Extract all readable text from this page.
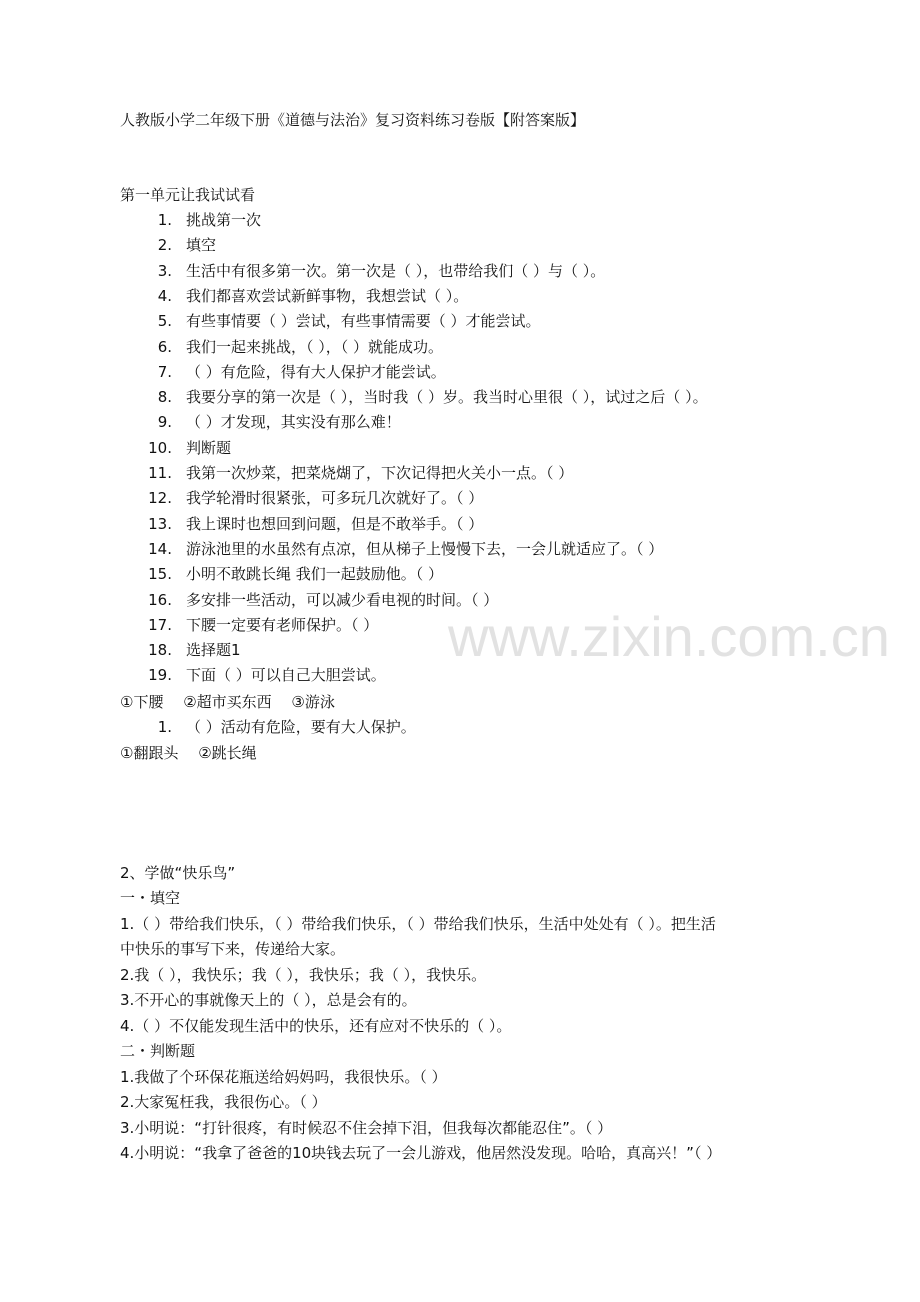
www.zixin.com.cn
人教版小学二年级下册《道德与法治》复习资料练习卷版【附答案版】
第一单元让我试试看
1. 挑战第一次
2. 填空
3. 生活中有很多第一次。第一次是（ ），也带给我们（ ）与（ ）。
4. 我们都喜欢尝试新鲜事物，我想尝试（ ）。
5. 有些事情要（ ）尝试，有些事情需要（ ）才能尝试。
6. 我们一起来挑战，（ ），（ ）就能成功。
7. （ ）有危险，得有大人保护才能尝试。
8. 我要分享的第一次是（ ），当时我（ ）岁。我当时心里很（ ），试过之后（ ）。
9. （ ）才发现，其实没有那么难！
10. 判断题
11. 我第一次炒菜，把菜烧煳了，下次记得把火关小一点。（ ）
12. 我学轮滑时很紧张，可多玩几次就好了。（ ）
13. 我上课时也想回到问题，但是不敢举手。（ ）
14. 游泳池里的水虽然有点凉，但从梯子上慢慢下去，一会儿就适应了。（ ）
15. 小明不敢跳长绳 我们一起鼓励他。（ ）
16. 多安排一些活动，可以减少看电视的时间。（ ）
17. 下腰一定要有老师保护。（ ）
18. 选择题1
19. 下面（ ）可以自己大胆尝试。
①下腰　 ②超市买东西　 ③游泳
1. （ ）活动有危险，要有大人保护。
①翻跟头　 ②跳长绳
2、学做“快乐鸟”
一・填空
1.（ ）带给我们快乐，（ ）带给我们快乐，（ ）带给我们快乐，生活中处处有（ ）。把生活
中快乐的事写下来，传递给大家。
2.我（ ），我快乐；我（ ），我快乐；我（ ），我快乐。
3.不开心的事就像天上的（ ），总是会有的。
4.（ ）不仅能发现生活中的快乐，还有应对不快乐的（ ）。
二・判断题
1.我做了个环保花瓶送给妈妈吗，我很快乐。（ ）
2.大家冤枉我，我很伤心。（ ）
3.小明说：“打针很疼，有时候忍不住会掉下泪，但我每次都能忍住”。（ ）
4.小明说：“我拿了爸爸的10块钱去玩了一会儿游戏，他居然没发现。哈哈，真高兴！”（ ）
